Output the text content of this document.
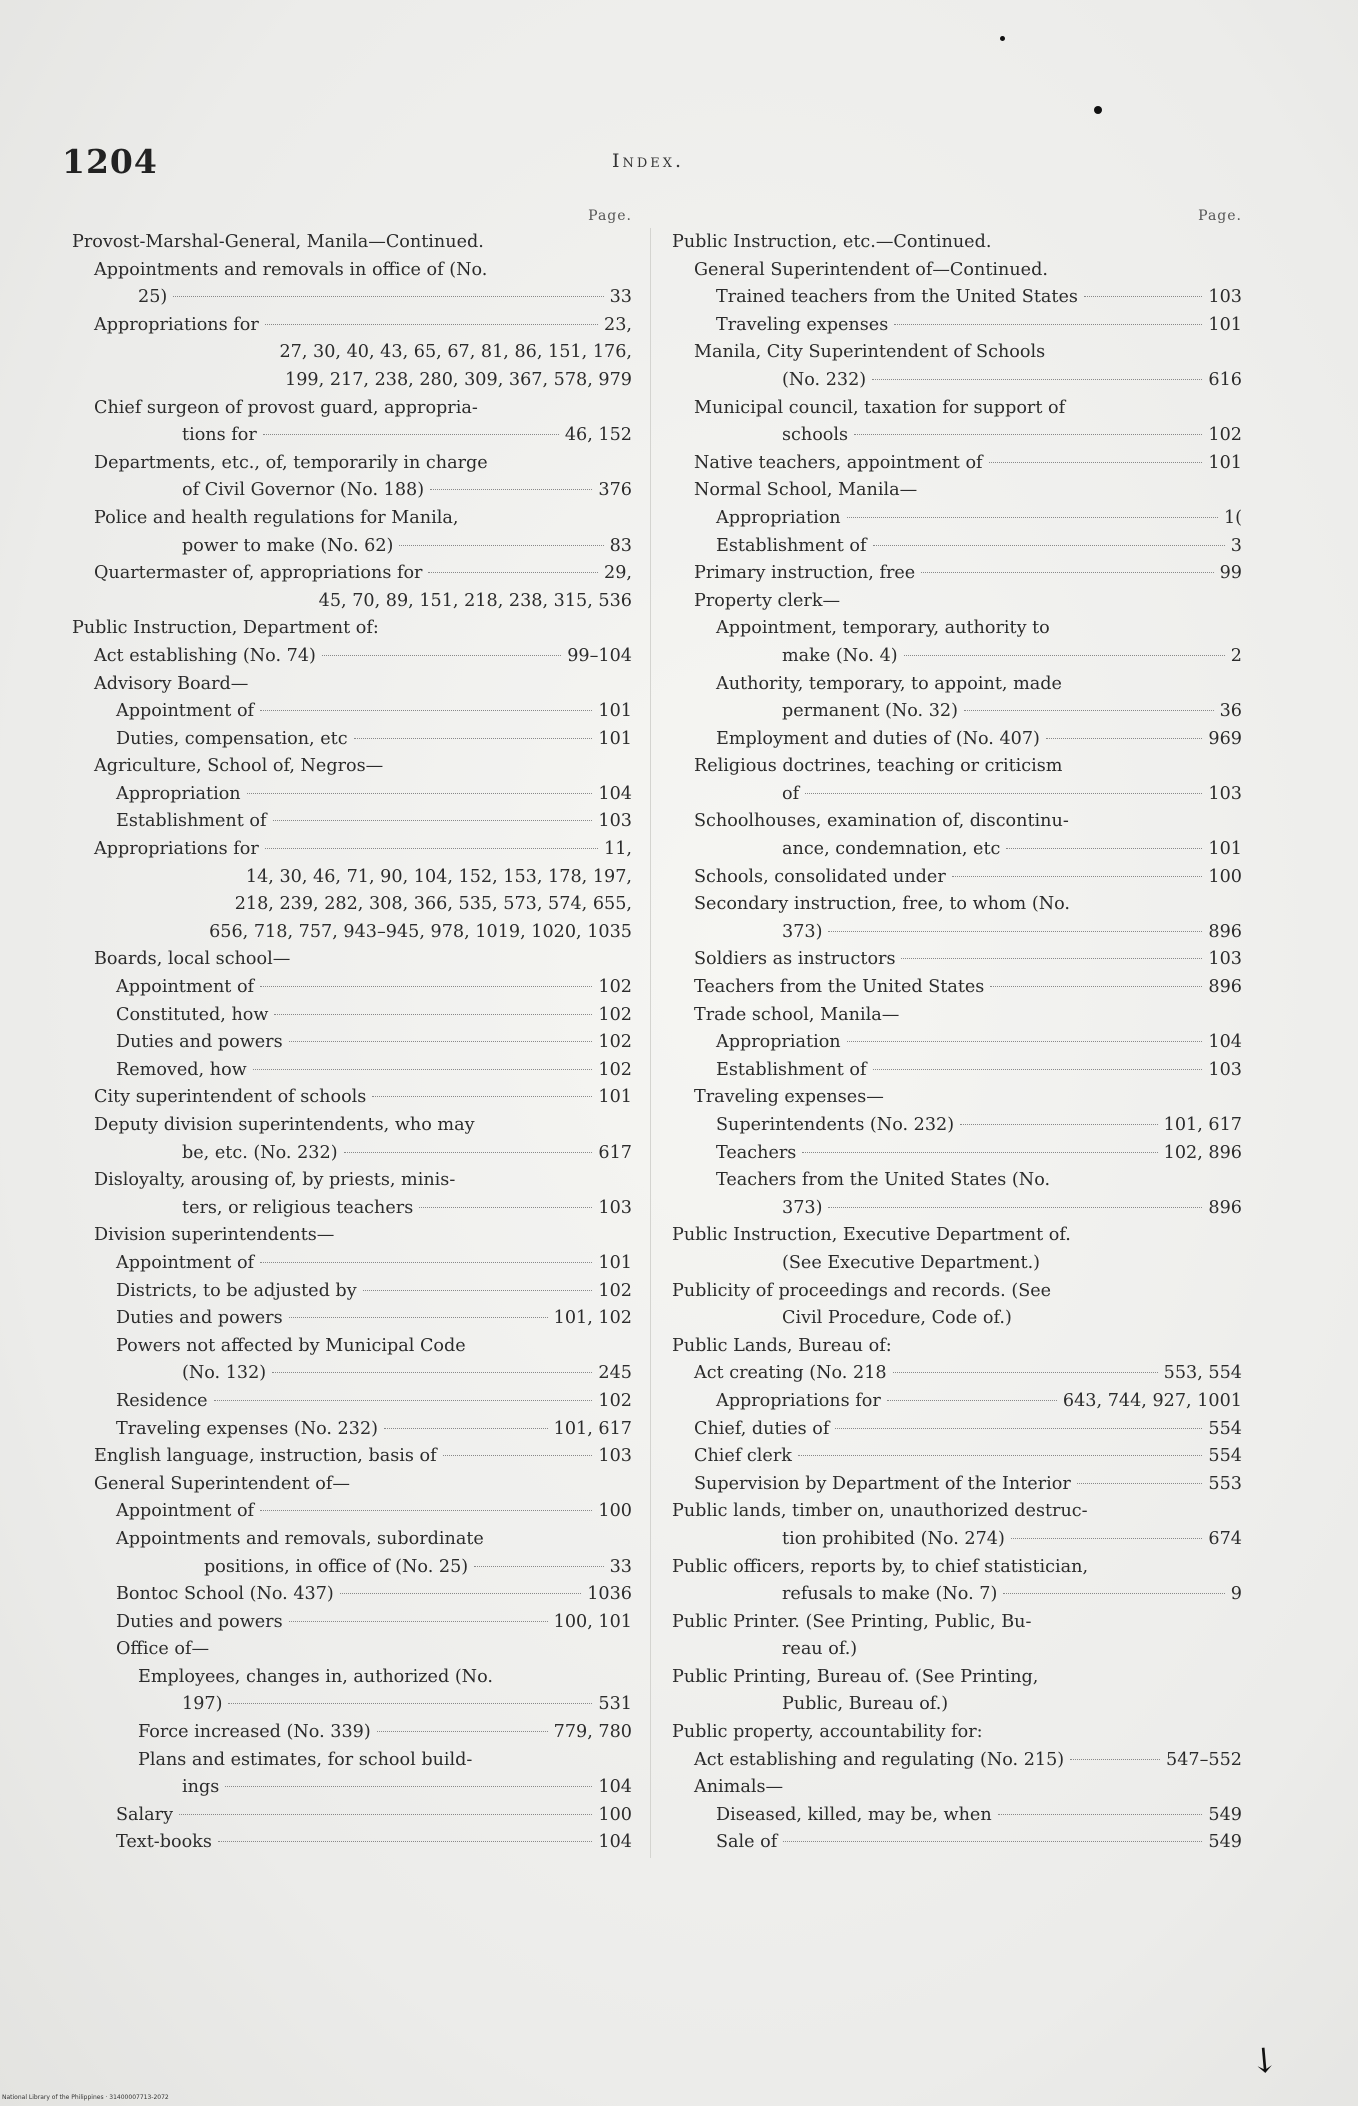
1204	Index.
Page.
Provost-Marshal-General, Manila—Continued.
Appointments and removals in office of (No.
25)	33
Appropriations for	23,
27, 30, 40, 43, 65, 67, 81, 86, 151, 176,
199, 217, 238, 280, 309, 367, 578, 979
Chief surgeon of provost guard, appropria-
tions for	46, 152
Departments, etc., of, temporarily in charge
of Civil Governor (No. 188)	376
Police and health regulations for Manila,
power to make (No. 62)	83
Quartermaster of, appropriations for	29,
45, 70, 89, 151, 218, 238, 315, 536
Public Instruction, Department of:
Act establishing (No. 74)	99–104
Advisory Board—
Appointment of	101
Duties, compensation, etc	101
Agriculture, School of, Negros—
Appropriation	104
Establishment of	103
Appropriations for	11,
14, 30, 46, 71, 90, 104, 152, 153, 178, 197,
218, 239, 282, 308, 366, 535, 573, 574, 655,
656, 718, 757, 943–945, 978, 1019, 1020, 1035
Boards, local school—
Appointment of	102
Constituted, how	102
Duties and powers	102
Removed, how	102
City superintendent of schools	101
Deputy division superintendents, who may
be, etc. (No. 232)	617
Disloyalty, arousing of, by priests, minis-
ters, or religious teachers	103
Division superintendents—
Appointment of	101
Districts, to be adjusted by	102
Duties and powers	101, 102
Powers not affected by Municipal Code
(No. 132)	245
Residence	102
Traveling expenses (No. 232)	101, 617
English language, instruction, basis of	103
General Superintendent of—
Appointment of	100
Appointments and removals, subordinate
positions, in office of (No. 25)	33
Bontoc School (No. 437)	1036
Duties and powers	100, 101
Office of—
Employees, changes in, authorized (No.
197)	531
Force increased (No. 339)	779, 780
Plans and estimates, for school build-
ings	104
Salary	100
Text-books	104
Page.
Public Instruction, etc.—Continued.
General Superintendent of—Continued.
Trained teachers from the United States	103
Traveling expenses	101
Manila, City Superintendent of Schools
(No. 232)	616
Municipal council, taxation for support of
schools	102
Native teachers, appointment of	101
Normal School, Manila—
Appropriation	1(
Establishment of	3
Primary instruction, free	99
Property clerk—
Appointment, temporary, authority to
make (No. 4)	2
Authority, temporary, to appoint, made
permanent (No. 32)	36
Employment and duties of (No. 407)	969
Religious doctrines, teaching or criticism
of	103
Schoolhouses, examination of, discontinu-
ance, condemnation, etc	101
Schools, consolidated under	100
Secondary instruction, free, to whom (No.
373)	896
Soldiers as instructors	103
Teachers from the United States	896
Trade school, Manila—
Appropriation	104
Establishment of	103
Traveling expenses—
Superintendents (No. 232)	101, 617
Teachers	102, 896
Teachers from the United States (No.
373)	896
Public Instruction, Executive Department of.
(See Executive Department.)
Publicity of proceedings and records. (See
Civil Procedure, Code of.)
Public Lands, Bureau of:
Act creating (No. 218	553, 554
Appropriations for	643, 744, 927, 1001
Chief, duties of	554
Chief clerk	554
Supervision by Department of the Interior	553
Public lands, timber on, unauthorized destruc-
tion prohibited (No. 274)	674
Public officers, reports by, to chief statistician,
refusals to make (No. 7)	9
Public Printer. (See Printing, Public, Bu-
reau of.)
Public Printing, Bureau of. (See Printing,
Public, Bureau of.)
Public property, accountability for:
Act establishing and regulating (No. 215)	547–552
Animals—
Diseased, killed, may be, when	549
Sale of	549
↘
National Library of the Philippines · 31400007713-2072
